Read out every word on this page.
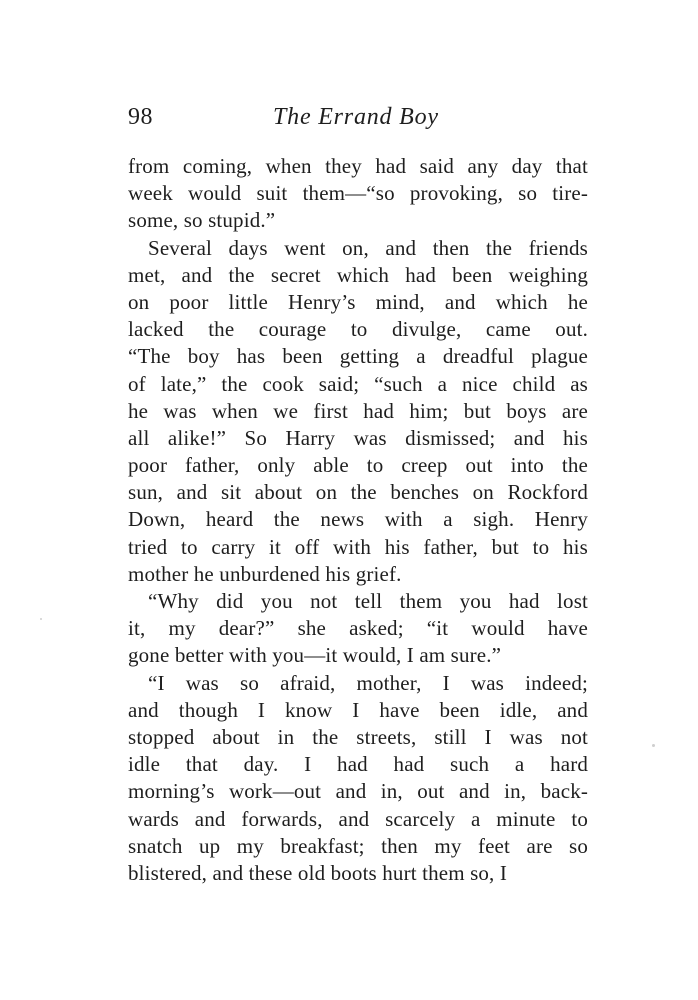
98	The Errand Boy
from coming, when they had said any day that
week would suit them—“so provoking, so tire-
some, so stupid.”
Several days went on, and then the friends
met, and the secret which had been weighing
on poor little Henry’s mind, and which he
lacked the courage to divulge, came out.
“The boy has been getting a dreadful plague
of late,” the cook said; “such a nice child as
he was when we first had him; but boys are
all alike!” So Harry was dismissed; and his
poor father, only able to creep out into the
sun, and sit about on the benches on Rockford
Down, heard the news with a sigh. Henry
tried to carry it off with his father, but to his
mother he unburdened his grief.
“Why did you not tell them you had lost
it, my dear?” she asked; “it would have
gone better with you—it would, I am sure.”
“I was so afraid, mother, I was indeed;
and though I know I have been idle, and
stopped about in the streets, still I was not
idle that day. I had had such a hard
morning’s work—out and in, out and in, back-
wards and forwards, and scarcely a minute to
snatch up my breakfast; then my feet are so
blistered, and these old boots hurt them so, I
